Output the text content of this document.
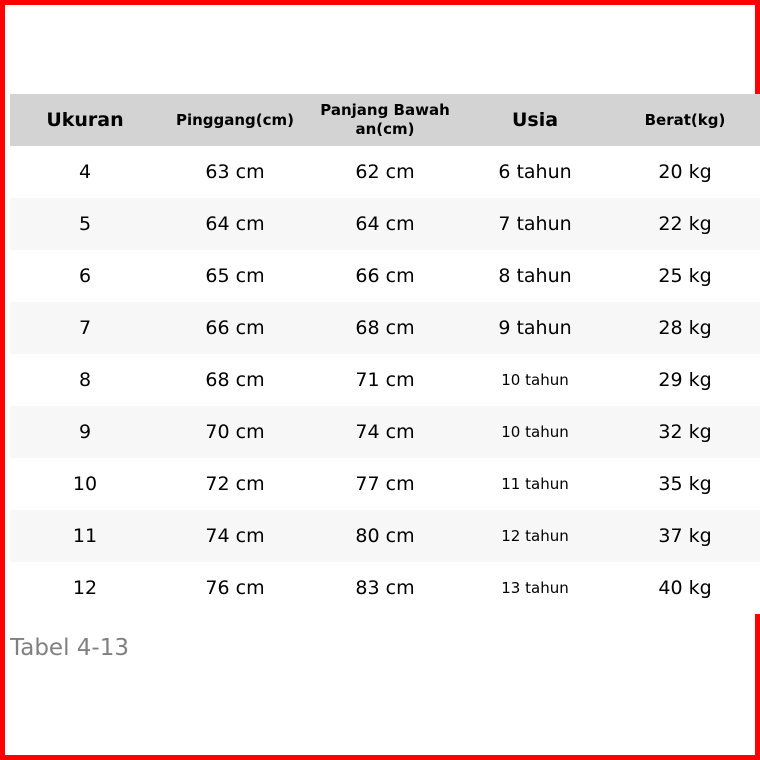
Ukuran	Pinggang(cm)	Panjang Bawah an(cm)	Usia	Berat(kg)
4	63 cm	62 cm	6 tahun	20 kg
5	64 cm	64 cm	7 tahun	22 kg
6	65 cm	66 cm	8 tahun	25 kg
7	66 cm	68 cm	9 tahun	28 kg
8	68 cm	71 cm	10 tahun	29 kg
9	70 cm	74 cm	10 tahun	32 kg
10	72 cm	77 cm	11 tahun	35 kg
11	74 cm	80 cm	12 tahun	37 kg
12	76 cm	83 cm	13 tahun	40 kg
Tabel 4-13
